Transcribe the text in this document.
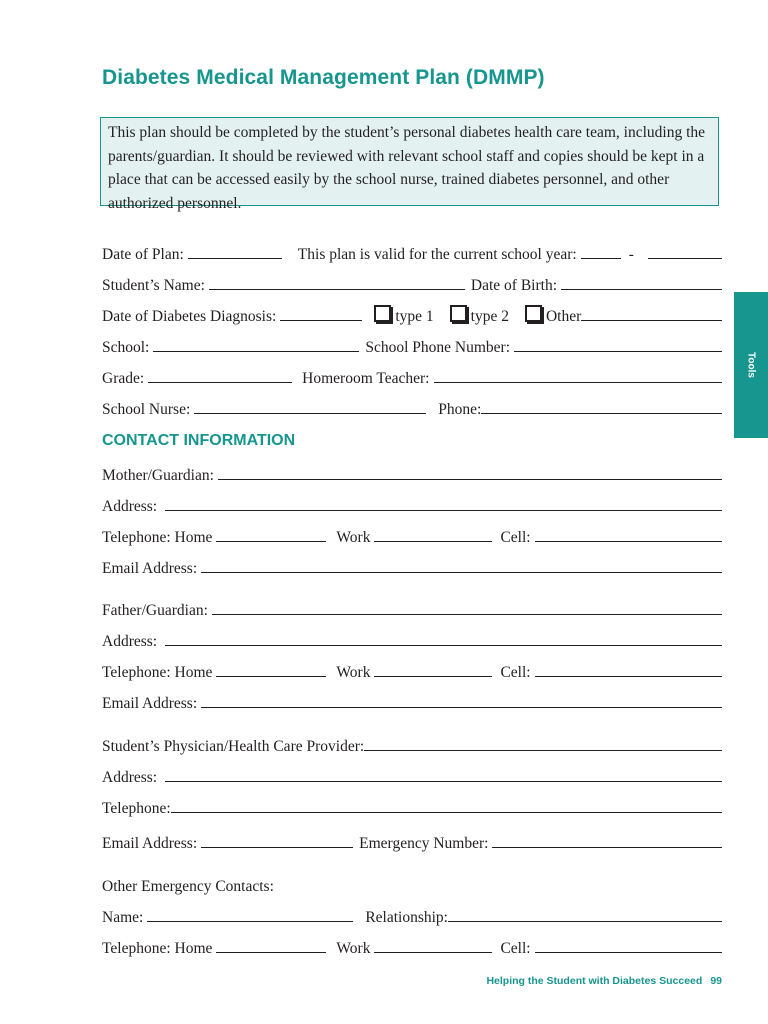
Diabetes Medical Management Plan (DMMP)
This plan should be completed by the student’s personal diabetes health care team, including the parents/guardian. It should be reviewed with relevant school staff and copies should be kept in a place that can be accessed easily by the school nurse, trained diabetes personnel, and other authorized personnel.
Date of Plan:	This plan is valid for the current school year:	-
Student’s Name:	Date of Birth:
Date of Diabetes Diagnosis:	type 1 type 2 Other
School:	School Phone Number:
Grade:	Homeroom Teacher:
School Nurse:	Phone:
CONTACT INFORMATION
Mother/Guardian:
Address:
Telephone: Home	Work	Cell:
Email Address:
Father/Guardian:
Address:
Telephone: Home	Work	Cell:
Email Address:
Student’s Physician/Health Care Provider:
Address:
Telephone:
Email Address:	Emergency Number:
Other Emergency Contacts:
Name:	Relationship:
Telephone: Home	Work	Cell:
Tools
Helping the Student with Diabetes Succeed 99
